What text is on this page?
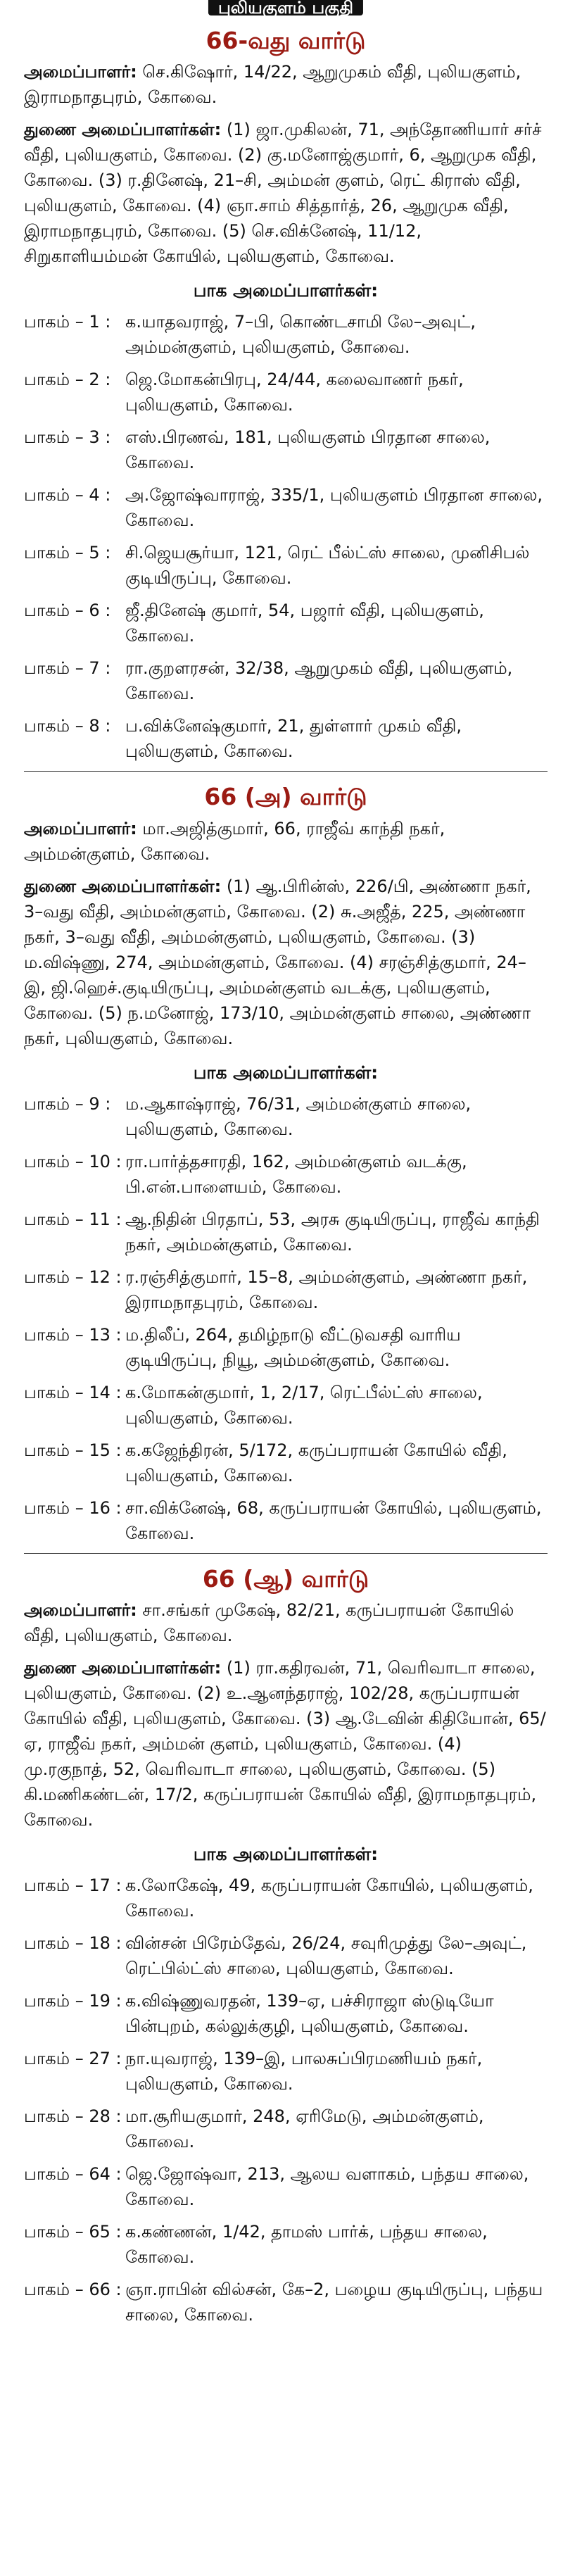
புலியகுளம் பகுதி
66-வது வார்டு
அமைப்பாளர்: செ.கிஷோர், 14/22, ஆறுமுகம் வீதி, புலியகுளம், இராமநாதபுரம், கோவை.
துணை அமைப்பாளர்கள்: (1) ஜா.முகிலன், 71, அந்தோணியார் சர்ச் வீதி, புலியகுளம், கோவை. (2) கு.மனோஜ்குமார், 6, ஆறுமுக வீதி, கோவை. (3) ர.தினேஷ், 21–சி, அம்மன் குளம், ரெட் கிராஸ் வீதி, புலியகுளம், கோவை. (4) ஞா.சாம் சித்தார்த், 26, ஆறுமுக வீதி, இராமநாதபுரம், கோவை. (5) செ.விக்னேஷ், 11/12, சிறுகாளியம்மன் கோயில், புலியகுளம், கோவை.
பாக அமைப்பாளர்கள்:
பாகம் – 1 : க.யாதவராஜ், 7–பி, கொண்டசாமி லே–அவுட், அம்மன்குளம், புலியகுளம், கோவை.
பாகம் – 2 : ஜெ.மோகன்பிரபு, 24/44, கலைவாணர் நகர், புலியகுளம், கோவை.
பாகம் – 3 : எஸ்.பிரணவ், 181, புலியகுளம் பிரதான சாலை, கோவை.
பாகம் – 4 : அ.ஜோஷ்வாராஜ், 335/1, புலியகுளம் பிரதான சாலை, கோவை.
பாகம் – 5 : சி.ஜெயசூர்யா, 121, ரெட் பீல்ட்ஸ் சாலை, முனிசிபல் குடியிருப்பு, கோவை.
பாகம் – 6 : ஜீ.தினேஷ் குமார், 54, பஜார் வீதி, புலியகுளம், கோவை.
பாகம் – 7 : ரா.குறளரசன், 32/38, ஆறுமுகம் வீதி, புலியகுளம், கோவை.
பாகம் – 8 : ப.விக்னேஷ்குமார், 21, துள்ளார் முகம் வீதி, புலியகுளம், கோவை.
66 (அ) வார்டு
அமைப்பாளர்: மா.அஜித்குமார், 66, ராஜீவ் காந்தி நகர், அம்மன்குளம், கோவை.
துணை அமைப்பாளர்கள்: (1) ஆ.பிரின்ஸ், 226/பி, அண்ணா நகர், 3–வது வீதி, அம்மன்குளம், கோவை. (2) சு.அஜீத், 225, அண்ணா நகர், 3–வது வீதி, அம்மன்குளம், புலியகுளம், கோவை. (3) ம.விஷ்ணு, 274, அம்மன்குளம், கோவை. (4) சரஞ்சித்குமார், 24–இ, ஜி.ஹெச்.குடியிருப்பு, அம்மன்குளம் வடக்கு, புலியகுளம், கோவை. (5) ந.மனோஜ், 173/10, அம்மன்குளம் சாலை, அண்ணா நகர், புலியகுளம், கோவை.
பாக அமைப்பாளர்கள்:
பாகம் – 9 : ம.ஆகாஷ்ராஜ், 76/31, அம்மன்குளம் சாலை, புலியகுளம், கோவை.
பாகம் – 10 : ரா.பார்த்தசாரதி, 162, அம்மன்குளம் வடக்கு, பி.என்.பாளையம், கோவை.
பாகம் – 11 : ஆ.நிதின் பிரதாப், 53, அரசு குடியிருப்பு, ராஜீவ் காந்தி நகர், அம்மன்குளம், கோவை.
பாகம் – 12 : ர.ரஞ்சித்குமார், 15–8, அம்மன்குளம், அண்ணா நகர், இராமநாதபுரம், கோவை.
பாகம் – 13 : ம.திலீப், 264, தமிழ்நாடு வீட்டுவசதி வாரிய குடியிருப்பு, நியூ, அம்மன்குளம், கோவை.
பாகம் – 14 : க.மோகன்குமார், 1, 2/17, ரெட்பீல்ட்ஸ் சாலை, புலியகுளம், கோவை.
பாகம் – 15 : க.கஜேந்திரன், 5/172, கருப்பராயன் கோயில் வீதி, புலியகுளம், கோவை.
பாகம் – 16 : சா.விக்னேஷ், 68, கருப்பராயன் கோயில், புலியகுளம், கோவை.
66 (ஆ) வார்டு
அமைப்பாளர்: சா.சங்கர் முகேஷ், 82/21, கருப்பராயன் கோயில் வீதி, புலியகுளம், கோவை.
துணை அமைப்பாளர்கள்: (1) ரா.கதிரவன், 71, வெரிவாடா சாலை, புலியகுளம், கோவை. (2) உ.ஆனந்தராஜ், 102/28, கருப்பராயன் கோயில் வீதி, புலியகுளம், கோவை. (3) ஆ.டேவின் கிதியோன், 65/ஏ, ராஜீவ் நகர், அம்மன் குளம், புலியகுளம், கோவை. (4) மு.ரகுநாத், 52, வெரிவாடா சாலை, புலியகுளம், கோவை. (5) கி.மணிகண்டன், 17/2, கருப்பராயன் கோயில் வீதி, இராமநாதபுரம், கோவை.
பாக அமைப்பாளர்கள்:
பாகம் – 17 : க.லோகேஷ், 49, கருப்பராயன் கோயில், புலியகுளம், கோவை.
பாகம் – 18 : வின்சன் பிரேம்தேவ், 26/24, சவுரிமுத்து லே–அவுட், ரெட்பில்ட்ஸ் சாலை, புலியகுளம், கோவை.
பாகம் – 19 : க.விஷ்ணுவரதன், 139–ஏ, பச்சிராஜா ஸ்டுடியோ பின்புறம், கல்லுக்குழி, புலியகுளம், கோவை.
பாகம் – 27 : நா.யுவராஜ், 139–இ, பாலசுப்பிரமணியம் நகர், புலியகுளம், கோவை.
பாகம் – 28 : மா.சூரியகுமார், 248, ஏரிமேடு, அம்மன்குளம், கோவை.
பாகம் – 64 : ஜெ.ஜோஷ்வா, 213, ஆலய வளாகம், பந்தய சாலை, கோவை.
பாகம் – 65 : க.கண்ணன், 1/42, தாமஸ் பார்க், பந்தய சாலை, கோவை.
பாகம் – 66 : ஞா.ராபின் வில்சன், கே–2, பழைய குடியிருப்பு, பந்தய சாலை, கோவை.
